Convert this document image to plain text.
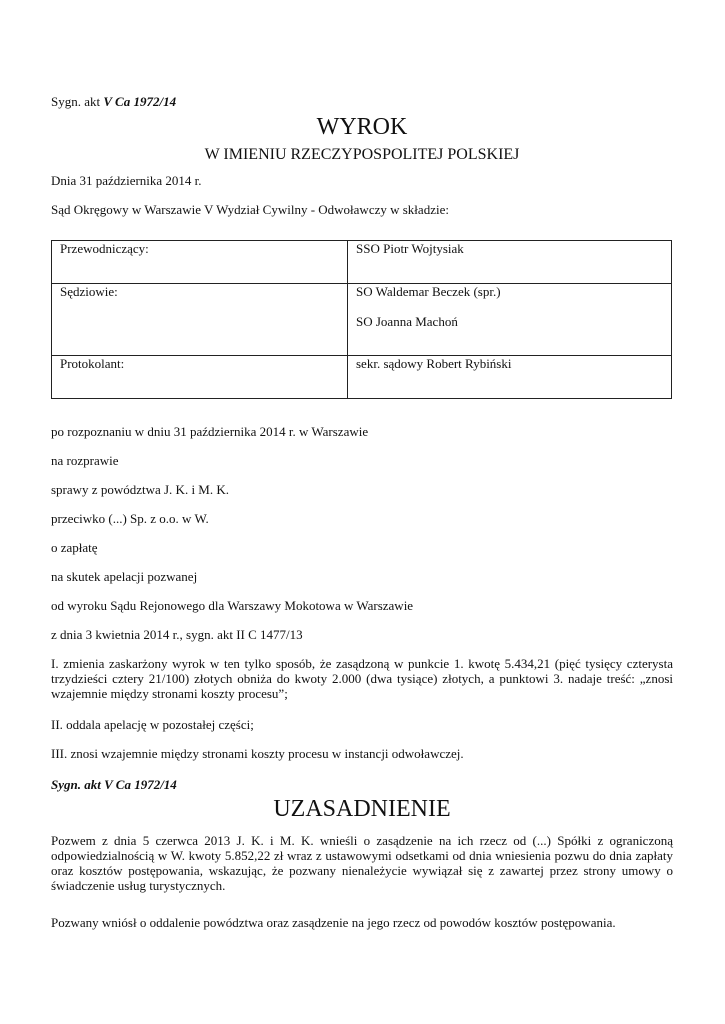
Sygn. akt V Ca 1972/14

WYROK
W IMIENIU RZECZYPOSPOLITEJ POLSKIEJ

Dnia 31 października 2014 r.

Sąd Okręgowy w Warszawie V Wydział Cywilny - Odwoławczy w składzie:

Przewodniczący:	SSO Piotr Wojtysiak
Sędziowie:	SO Waldemar Beczek (spr.)
SO Joanna Machoń

Protokolant:	sekr. sądowy Robert Rybiński

po rozpoznaniu w dniu 31 października 2014 r. w Warszawie

na rozprawie

sprawy z powództwa J. K. i M. K.

przeciwko (...) Sp. z o.o. w W.

o zapłatę

na skutek apelacji pozwanej

od wyroku Sądu Rejonowego dla Warszawy Mokotowa w Warszawie

z dnia 3 kwietnia 2014 r., sygn. akt II C 1477/13

I. zmienia zaskarżony wyrok w ten tylko sposób, że zasądzoną w punkcie 1. kwotę 5.434,21 (pięć tysięcy czterysta trzydzieści cztery 21/100) złotych obniża do kwoty 2.000 (dwa tysiące) złotych, a punktowi 3. nadaje treść: „znosi wzajemnie między stronami koszty procesu”;

II. oddala apelację w pozostałej części;

III. znosi wzajemnie między stronami koszty procesu w instancji odwoławczej.

Sygn. akt V Ca 1972/14

UZASADNIENIE

Pozwem z dnia 5 czerwca 2013 J. K. i M. K. wnieśli o zasądzenie na ich rzecz od (...) Spółki z ograniczoną odpowiedzialnością w W. kwoty 5.852,22 zł wraz z ustawowymi odsetkami od dnia wniesienia pozwu do dnia zapłaty oraz kosztów postępowania, wskazując, że pozwany nienależycie wywiązał się z zawartej przez strony umowy o świadczenie usług turystycznych.

Pozwany wniósł o oddalenie powództwa oraz zasądzenie na jego rzecz od powodów kosztów postępowania.
